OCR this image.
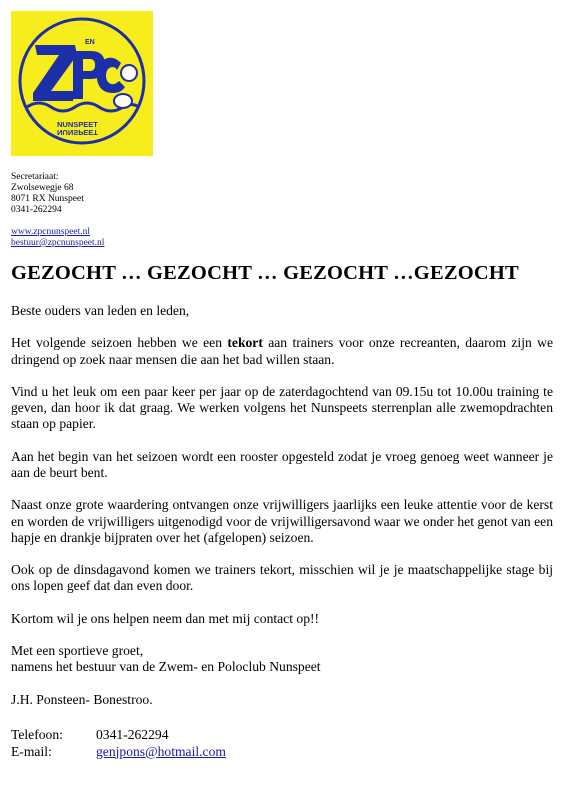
EN
NUNSPEET
NUNSPEET
Secretariaat:
Zwolsewegje 68
8071 RX Nunspeet
0341-262294
www.zpcnunspeet.nl
bestuur@zpcnunspeet.nl
GEZOCHT … GEZOCHT … GEZOCHT …GEZOCHT

Beste ouders van leden en leden,

Het volgende seizoen hebben we een tekort aan trainers voor onze recreanten, daarom zijn we dringend op zoek naar mensen die aan het bad willen staan.

Vind u het leuk om een paar keer per jaar op de zaterdagochtend van 09.15u tot 10.00u training te geven, dan hoor ik dat graag. We werken volgens het Nunspeets sterrenplan alle zwemopdrachten staan op papier.

Aan het begin van het seizoen wordt een rooster opgesteld zodat je vroeg genoeg weet wanneer je aan de beurt bent.

Naast onze grote waardering ontvangen onze vrijwilligers jaarlijks een leuke attentie voor de kerst en worden de vrijwilligers uitgenodigd voor de vrijwilligersavond waar we onder het genot van een hapje en drankje bijpraten over het (afgelopen) seizoen.

Ook op de dinsdagavond komen we trainers tekort, misschien wil je je maatschappelijke stage bij ons lopen geef dat dan even door.

Kortom wil je ons helpen neem dan met mij contact op!!

Met een sportieve groet,
namens het bestuur van de Zwem- en Poloclub Nunspeet

J.H. Ponsteen- Bonestroo.

Telefoon:	0341-262294
E-mail:	genjpons@hotmail.com
